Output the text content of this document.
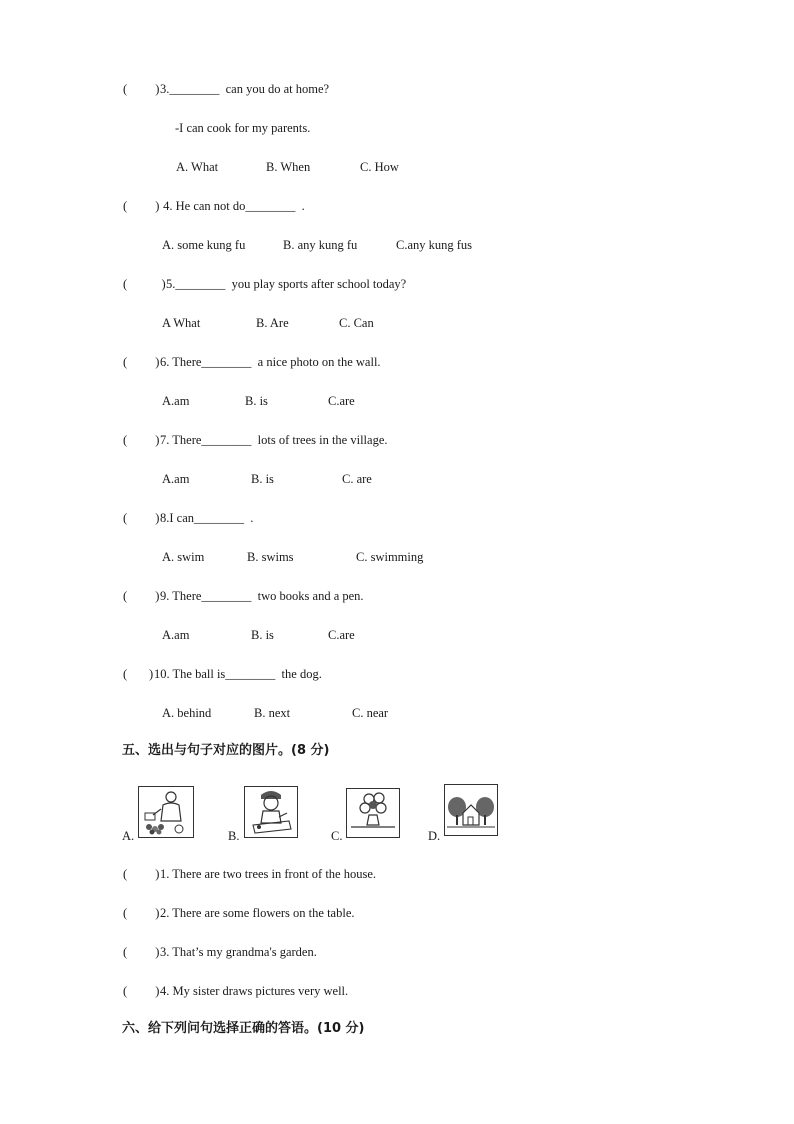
(         ) 3.________  can you do at home?
-I can cook for my parents.
A. What	B. When	C. How
(         ) 4. He can not do________  .
A. some kung fu	B. any kung fu	C.any kung fus
(           ) 5.________  you play sports after school today?
A What	B. Are	C. Can
(         ) 6. There________  a nice photo on the wall.
A.am	B. is	C.are
(         ) 7. There________  lots of trees in the village.
A.am	B. is	C. are
(         ) 8.I can________  .
A. swim	B. swims	C. swimming
(         ) 9. There________  two books and a pen.
A.am	B. is	C.are
(       ) 10. The ball is________  the dog.
A. behind	B. next	C. near
五、选出与句子对应的图片。(8 分)
A.	B.	C.	D.
(         ) 1. There are two trees in front of the house.
(         ) 2. There are some flowers on the table.
(         ) 3. That’s my grandma's garden.
(         ) 4. My sister draws pictures very well.
六、给下列问句选择正确的答语。(10 分)
